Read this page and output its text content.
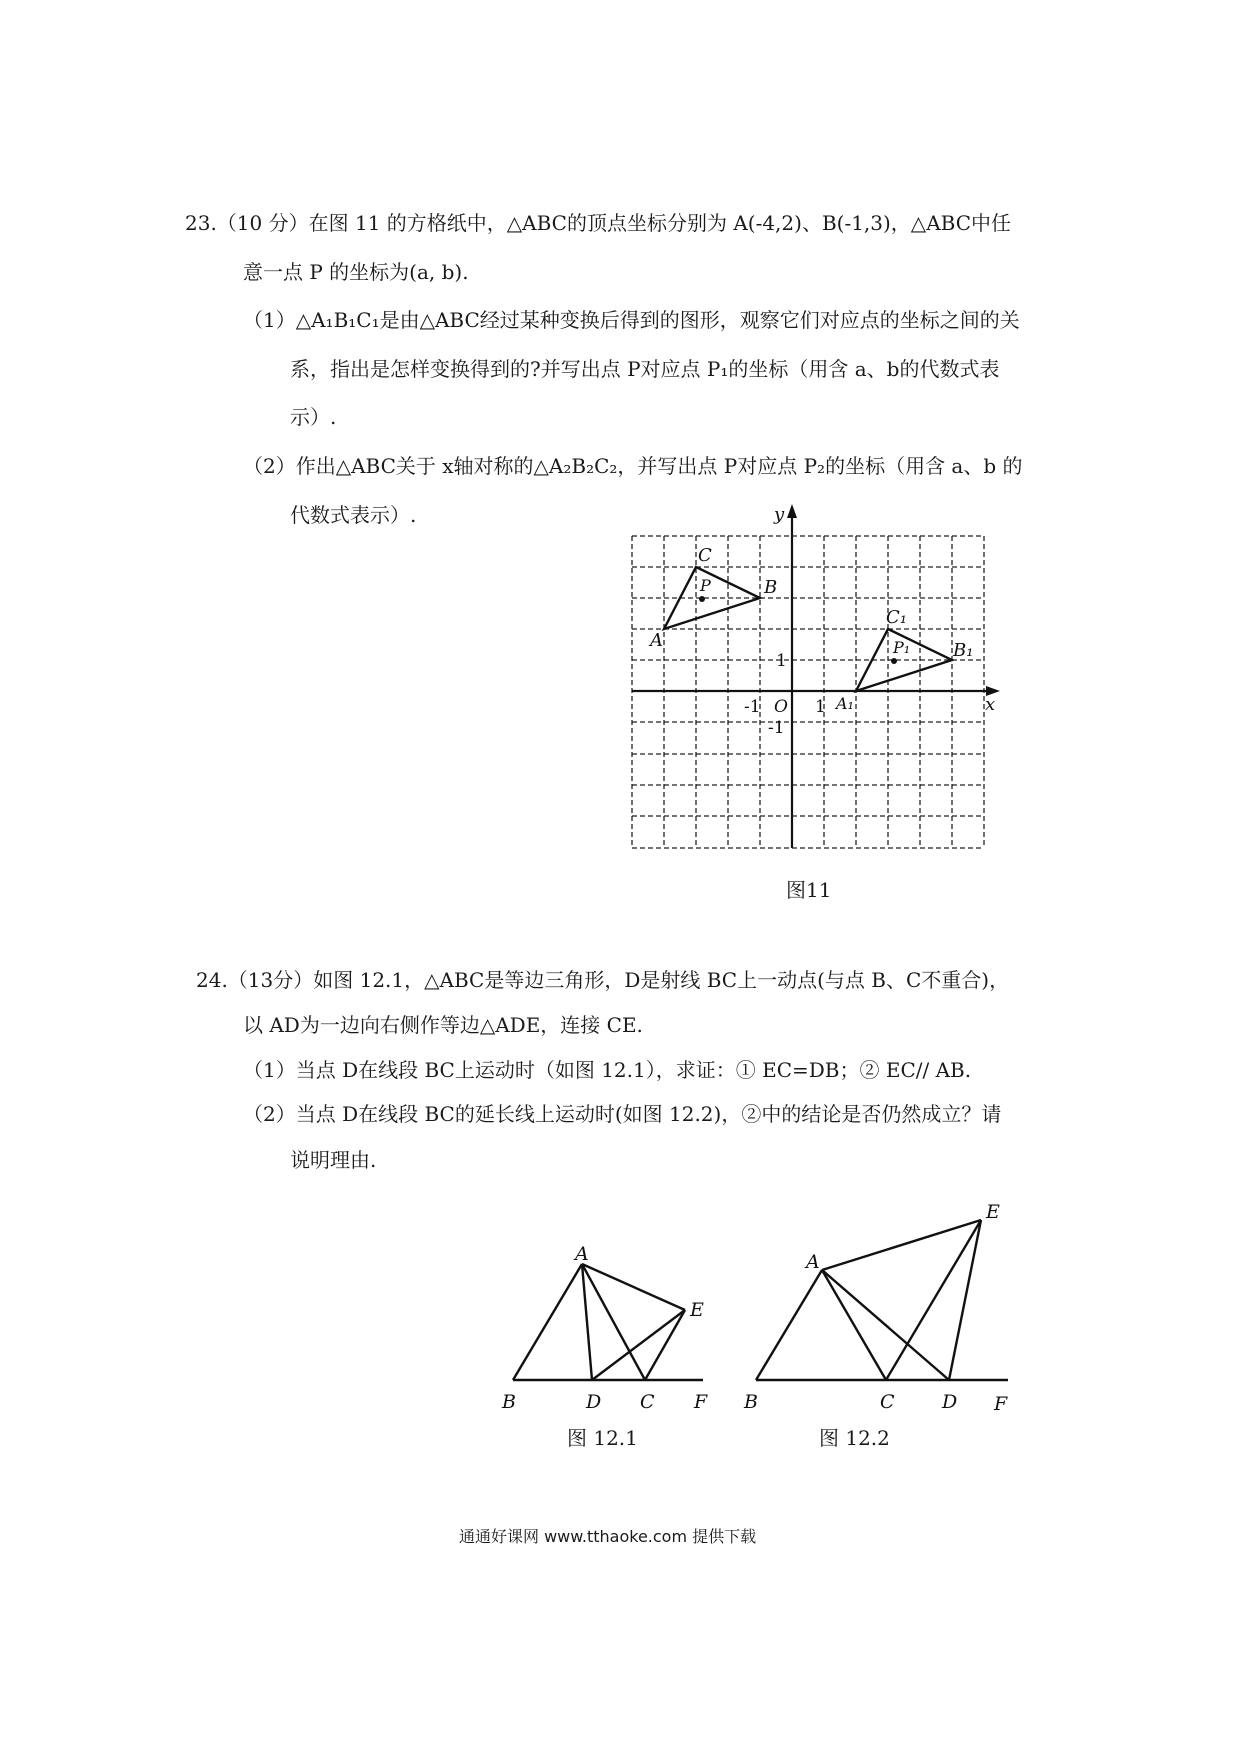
23.（10 分）在图 11 的方格纸中，△ABC的顶点坐标分别为 A(-4,2)、B(-1,3)，△ABC中任
意一点 P 的坐标为(a, b).
（1）△A₁B₁C₁是由△ABC经过某种变换后得到的图形，观察它们对应点的坐标之间的关
系，指出是怎样变换得到的?并写出点 P对应点 P₁的坐标（用含 a、b的代数式表
示）.
（2）作出△ABC关于 x轴对称的△A₂B₂C₂，并写出点 P对应点 P₂的坐标（用含 a、b 的
代数式表示）.	y
x
O 1
-1
1
-1
A
B
C
P
A₁
B₁
C₁
P₁
图11
24.（13分）如图 12.1，△ABC是等边三角形，D是射线 BC上一动点(与点 B、C不重合)，
以 AD为一边向右侧作等边△ADE，连接 CE.
（1）当点 D在线段 BC上运动时（如图 12.1），求证：① EC=DB；② EC// AB.
（2）当点 D在线段 BC的延长线上运动时(如图 12.2)，②中的结论是否仍然成立？请
说明理由.
A
B	D C
E
F
图 12.1
A
B	C D
E
F
图 12.2
通通好课网 www.tthaoke.com 提供下载
